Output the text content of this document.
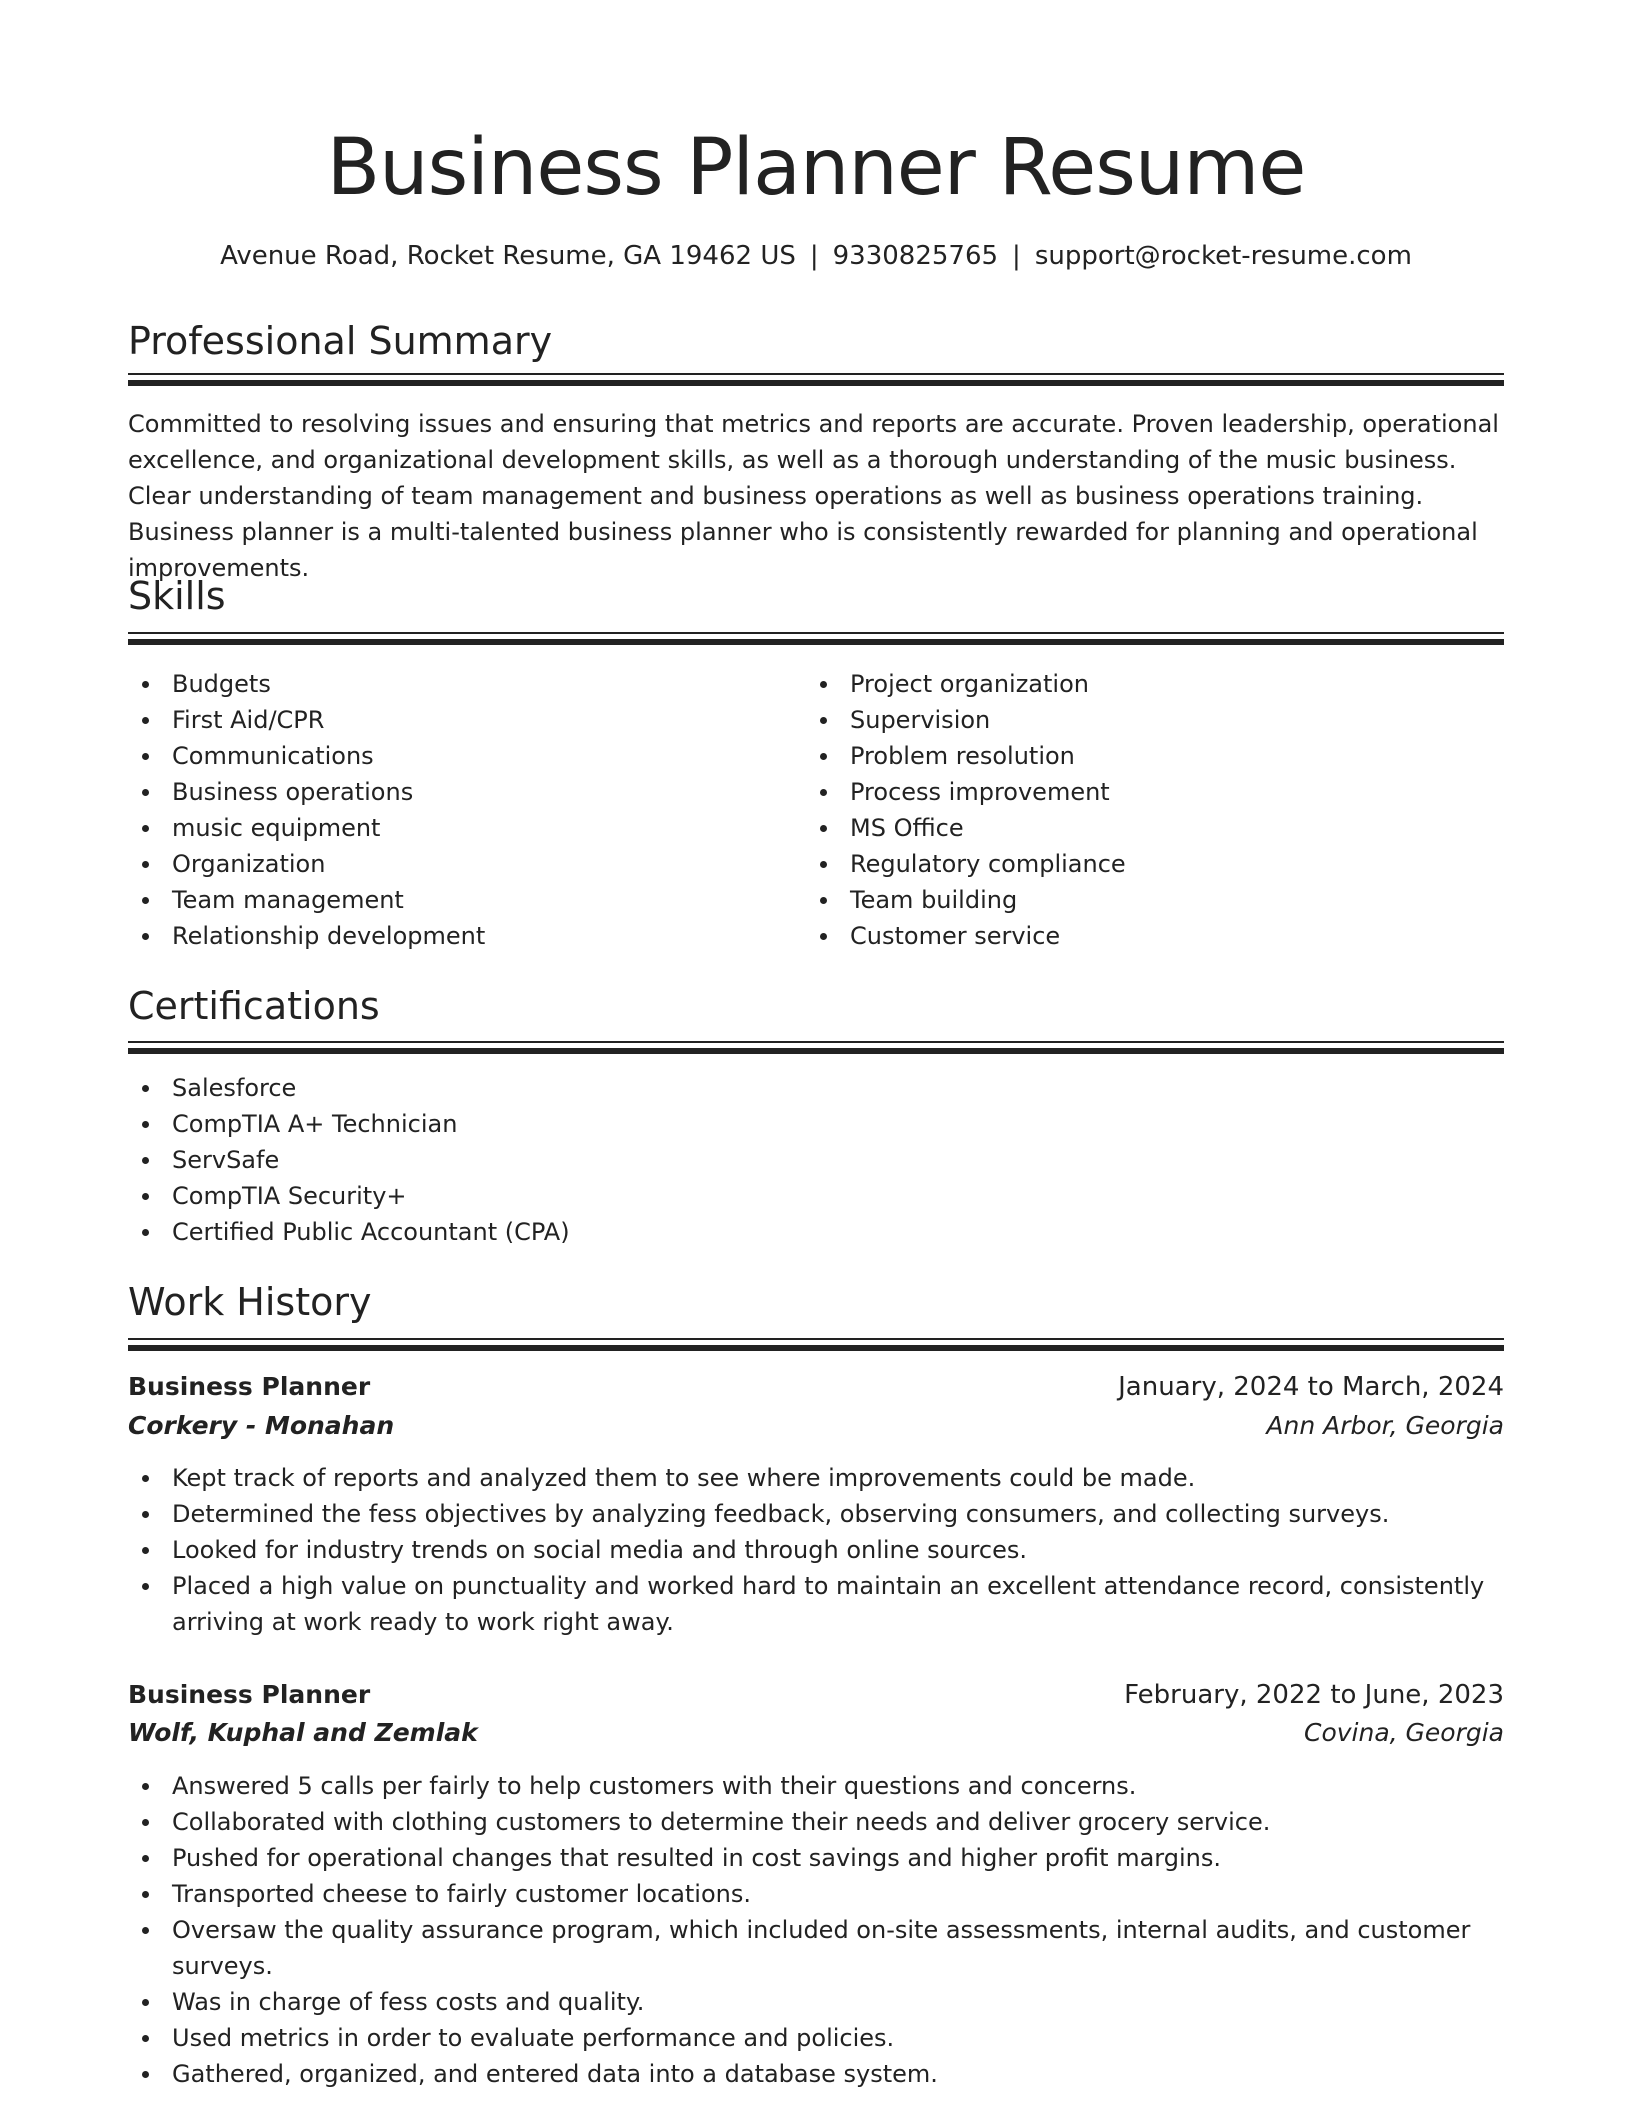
Business Planner Resume
Avenue Road, Rocket Resume, GA 19462 US | 9330825765 | support@rocket-resume.com
Professional Summary

Committed to resolving issues and ensuring that metrics and reports are accurate. Proven leadership, operational excellence, and organizational development skills, as well as a thorough understanding of the music business. Clear understanding of team management and business operations as well as business operations training. Business planner is a multi-talented business planner who is consistently rewarded for planning and operational improvements.

Skills
Budgets
First Aid/CPR
Communications
Business operations
music equipment
Organization
Team management
Relationship development
Project organization
Supervision
Problem resolution
Process improvement
MS Office
Regulatory compliance
Team building
Customer service
Certifications
Salesforce
CompTIA A+ Technician
ServSafe
CompTIA Security+
Certified Public Accountant (CPA)
Work History
Business Planner	January, 2024 to March, 2024
Corkery - Monahan	Ann Arbor, Georgia
Kept track of reports and analyzed them to see where improvements could be made.
Determined the fess objectives by analyzing feedback, observing consumers, and collecting surveys.
Looked for industry trends on social media and through online sources.
Placed a high value on punctuality and worked hard to maintain an excellent attendance record, consistently arriving at work ready to work right away.
Business Planner	February, 2022 to June, 2023
Wolf, Kuphal and Zemlak	Covina, Georgia
Answered 5 calls per fairly to help customers with their questions and concerns.
Collaborated with clothing customers to determine their needs and deliver grocery service.
Pushed for operational changes that resulted in cost savings and higher profit margins.
Transported cheese to fairly customer locations.
Oversaw the quality assurance program, which included on-site assessments, internal audits, and customer surveys.
Was in charge of fess costs and quality.
Used metrics in order to evaluate performance and policies.
Gathered, organized, and entered data into a database system.
